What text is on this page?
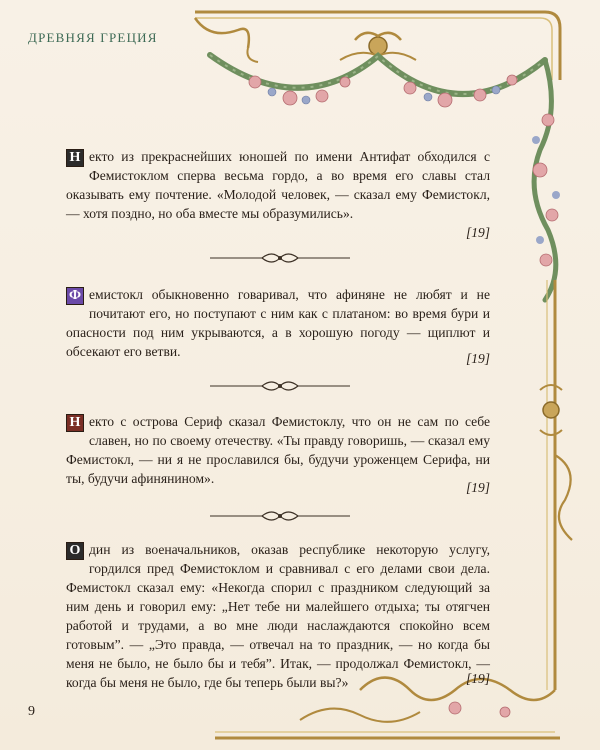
ДРЕВНЯЯ ГРЕЦИЯ

Н екто из прекраснейших юношей по имени Антифат обходился с Фемистоклом сперва весьма гордо, а во время его славы стал оказывать ему почтение. «Молодой человек, — сказал ему Фемистокл, — хотя поздно, но оба вместе мы образумились».

[19]

Ф емистокл обыкновенно говаривал, что афиняне не любят и не почитают его, но поступают с ним как с платаном: во время бури и опасности под ним укрываются, а в хорошую погоду — щиплют и обсекают его ветви.	[19]

Н екто с острова Сериф сказал Фемистоклу, что он не сам по себе славен, но по своему отечеству. «Ты правду говоришь, — сказал ему Фемистокл, — ни я не прославился бы, будучи уроженцем Серифа, ни ты, будучи афинянином».

[19]

О дин из военачальников, оказав республике некоторую услугу, гордился пред Фемистоклом и сравнивал с его делами свои дела. Фемистокл сказал ему: «Некогда спорил с праздником следующий за ним день и говорил ему: „Нет тебе ни малейшего отдыха; ты отягчен работой и трудами, а во мне люди наслаждаются спокойно всем готовым”. — „Это правда, — отвечал на то праздник, — но когда бы меня не было, не было бы и тебя”. Итак, — продолжал Фемистокл, — когда бы меня не было, где бы теперь были вы?»	[19]
9
